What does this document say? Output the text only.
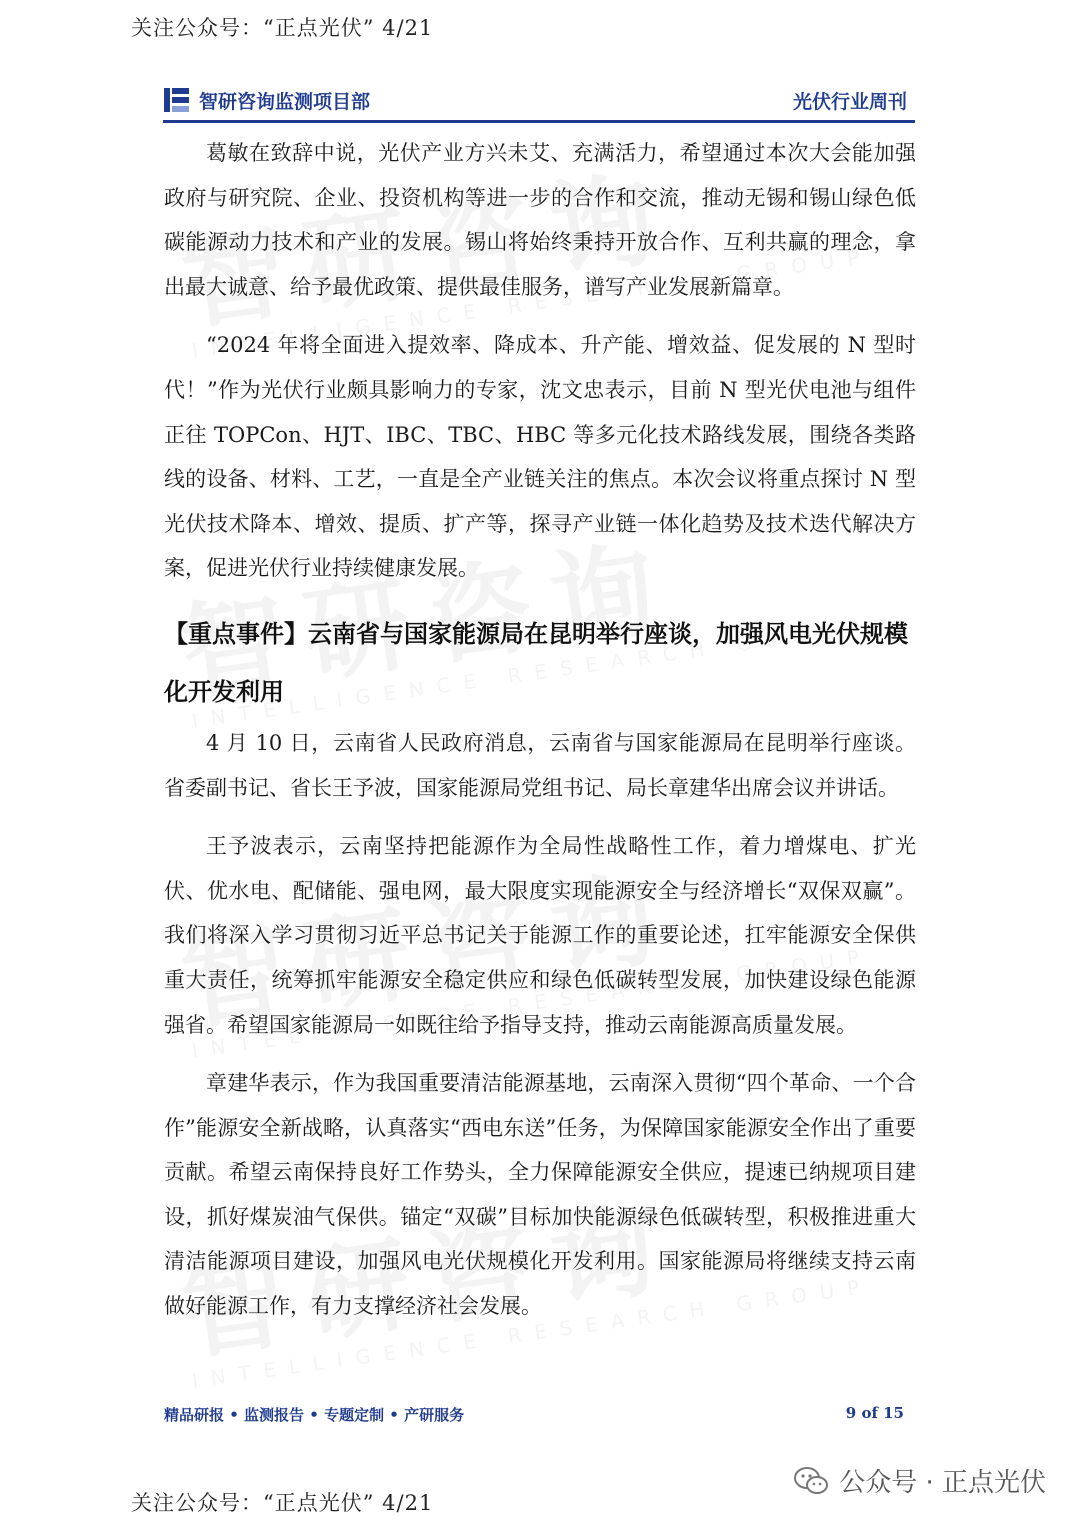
关注公众号：“正点光伏” 4/21
智研咨询监测项目部	光伏行业周刊

葛敏在致辞中说，光伏产业方兴未艾、充满活力，希望通过本次大会能加强政府与研究院、企业、投资机构等进一步的合作和交流，推动无锡和锡山绿色低碳能源动力技术和产业的发展。锡山将始终秉持开放合作、互利共赢的理念，拿出最大诚意、给予最优政策、提供最佳服务，谱写产业发展新篇章。

“2024 年将全面进入提效率、降成本、升产能、增效益、促发展的 N 型时代！”作为光伏行业颇具影响力的专家，沈文忠表示，目前 N 型光伏电池与组件正往 TOPCon、HJT、IBC、TBC、HBC 等多元化技术路线发展，围绕各类路线的设备、材料、工艺，一直是全产业链关注的焦点。本次会议将重点探讨 N 型光伏技术降本、增效、提质、扩产等，探寻产业链一体化趋势及技术迭代解决方案，促进光伏行业持续健康发展。

【重点事件】云南省与国家能源局在昆明举行座谈，加强风电光伏规模化开发利用

4 月 10 日，云南省人民政府消息，云南省与国家能源局在昆明举行座谈。省委副书记、省长王予波，国家能源局党组书记、局长章建华出席会议并讲话。

王予波表示，云南坚持把能源作为全局性战略性工作，着力增煤电、扩光伏、优水电、配储能、强电网，最大限度实现能源安全与经济增长“双保双赢”。我们将深入学习贯彻习近平总书记关于能源工作的重要论述，扛牢能源安全保供重大责任，统筹抓牢能源安全稳定供应和绿色低碳转型发展，加快建设绿色能源强省。希望国家能源局一如既往给予指导支持，推动云南能源高质量发展。

章建华表示，作为我国重要清洁能源基地，云南深入贯彻“四个革命、一个合作”能源安全新战略，认真落实“西电东送”任务，为保障国家能源安全作出了重要贡献。希望云南保持良好工作势头，全力保障能源安全供应，提速已纳规项目建设，抓好煤炭油气保供。锚定“双碳”目标加快能源绿色低碳转型，积极推进重大清洁能源项目建设，加强风电光伏规模化开发利用。国家能源局将继续支持云南做好能源工作，有力支撑经济社会发展。

精品研报 • 监测报告 • 专题定制 • 产研服务	9 of 15
公众号 · 正点光伏
关注公众号：“正点光伏” 4/21
